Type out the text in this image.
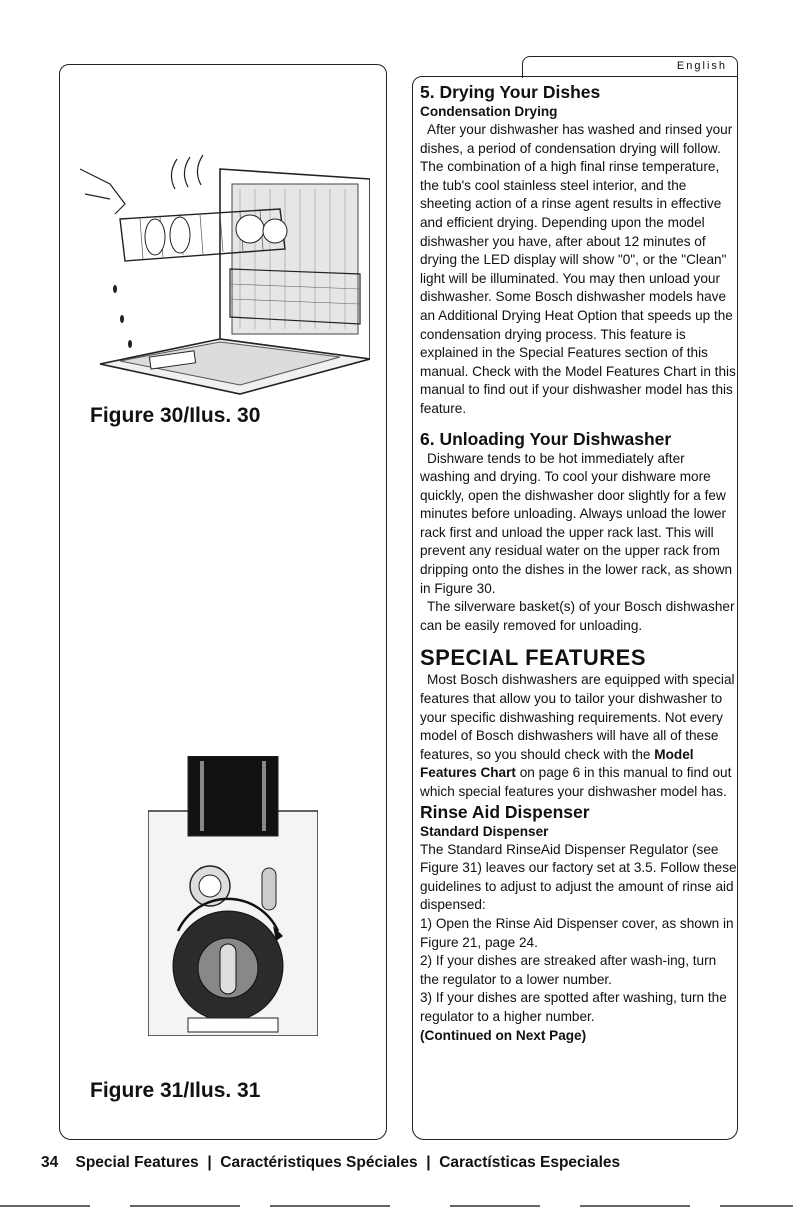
Figure 30/Ilus. 30
Figure 31/Ilus. 31
English
5. Drying Your Dishes
Condensation Drying

After your dishwasher has washed and rinsed your dishes, a period of condensation drying will follow. The combination of a high final rinse temperature, the tub's cool stainless steel interior, and the sheeting action of a rinse agent results in effective and efficient drying. Depending upon the model dishwasher you have, after about 12 minutes of drying the LED display will show "0", or the "Clean" light will be illuminated. You may then unload your dishwasher. Some Bosch dishwasher models have an Additional Drying Heat Option that speeds up the condensation drying process. This feature is explained in the Special Features section of this manual. Check with the Model Features Chart in this manual to find out if your dishwasher model has this feature.

6. Unloading Your Dishwasher

Dishware tends to be hot immediately after washing and drying. To cool your dishware more quickly, open the dishwasher door slightly for a few minutes before unloading. Always unload the lower rack first and unload the upper rack last. This will prevent any residual water on the upper rack from dripping onto the dishes in the lower rack, as shown in Figure 30.

The silverware basket(s) of your Bosch dishwasher can be easily removed for unloading.

SPECIAL FEATURES

Most Bosch dishwashers are equipped with special features that allow you to tailor your dishwasher to your specific dishwashing requirements. Not every model of Bosch dishwashers will have all of these features, so you should check with the Model Features Chart on page 6 in this manual to find out which special features your dishwasher model has.

Rinse Aid Dispenser
Standard Dispenser

The Standard RinseAid Dispenser Regulator (see Figure 31) leaves our factory set at 3.5. Follow these guidelines to adjust to adjust the amount of rinse aid dispensed:

1) Open the Rinse Aid Dispenser cover, as shown in Figure 21, page 24.

2) If your dishes are streaked after wash-ing, turn the regulator to a lower number.

3) If your dishes are spotted after washing, turn the regulator to a higher number.

(Continued on Next Page)

34 Special Features | Caractéristiques Spéciales | Caractísticas Especiales
